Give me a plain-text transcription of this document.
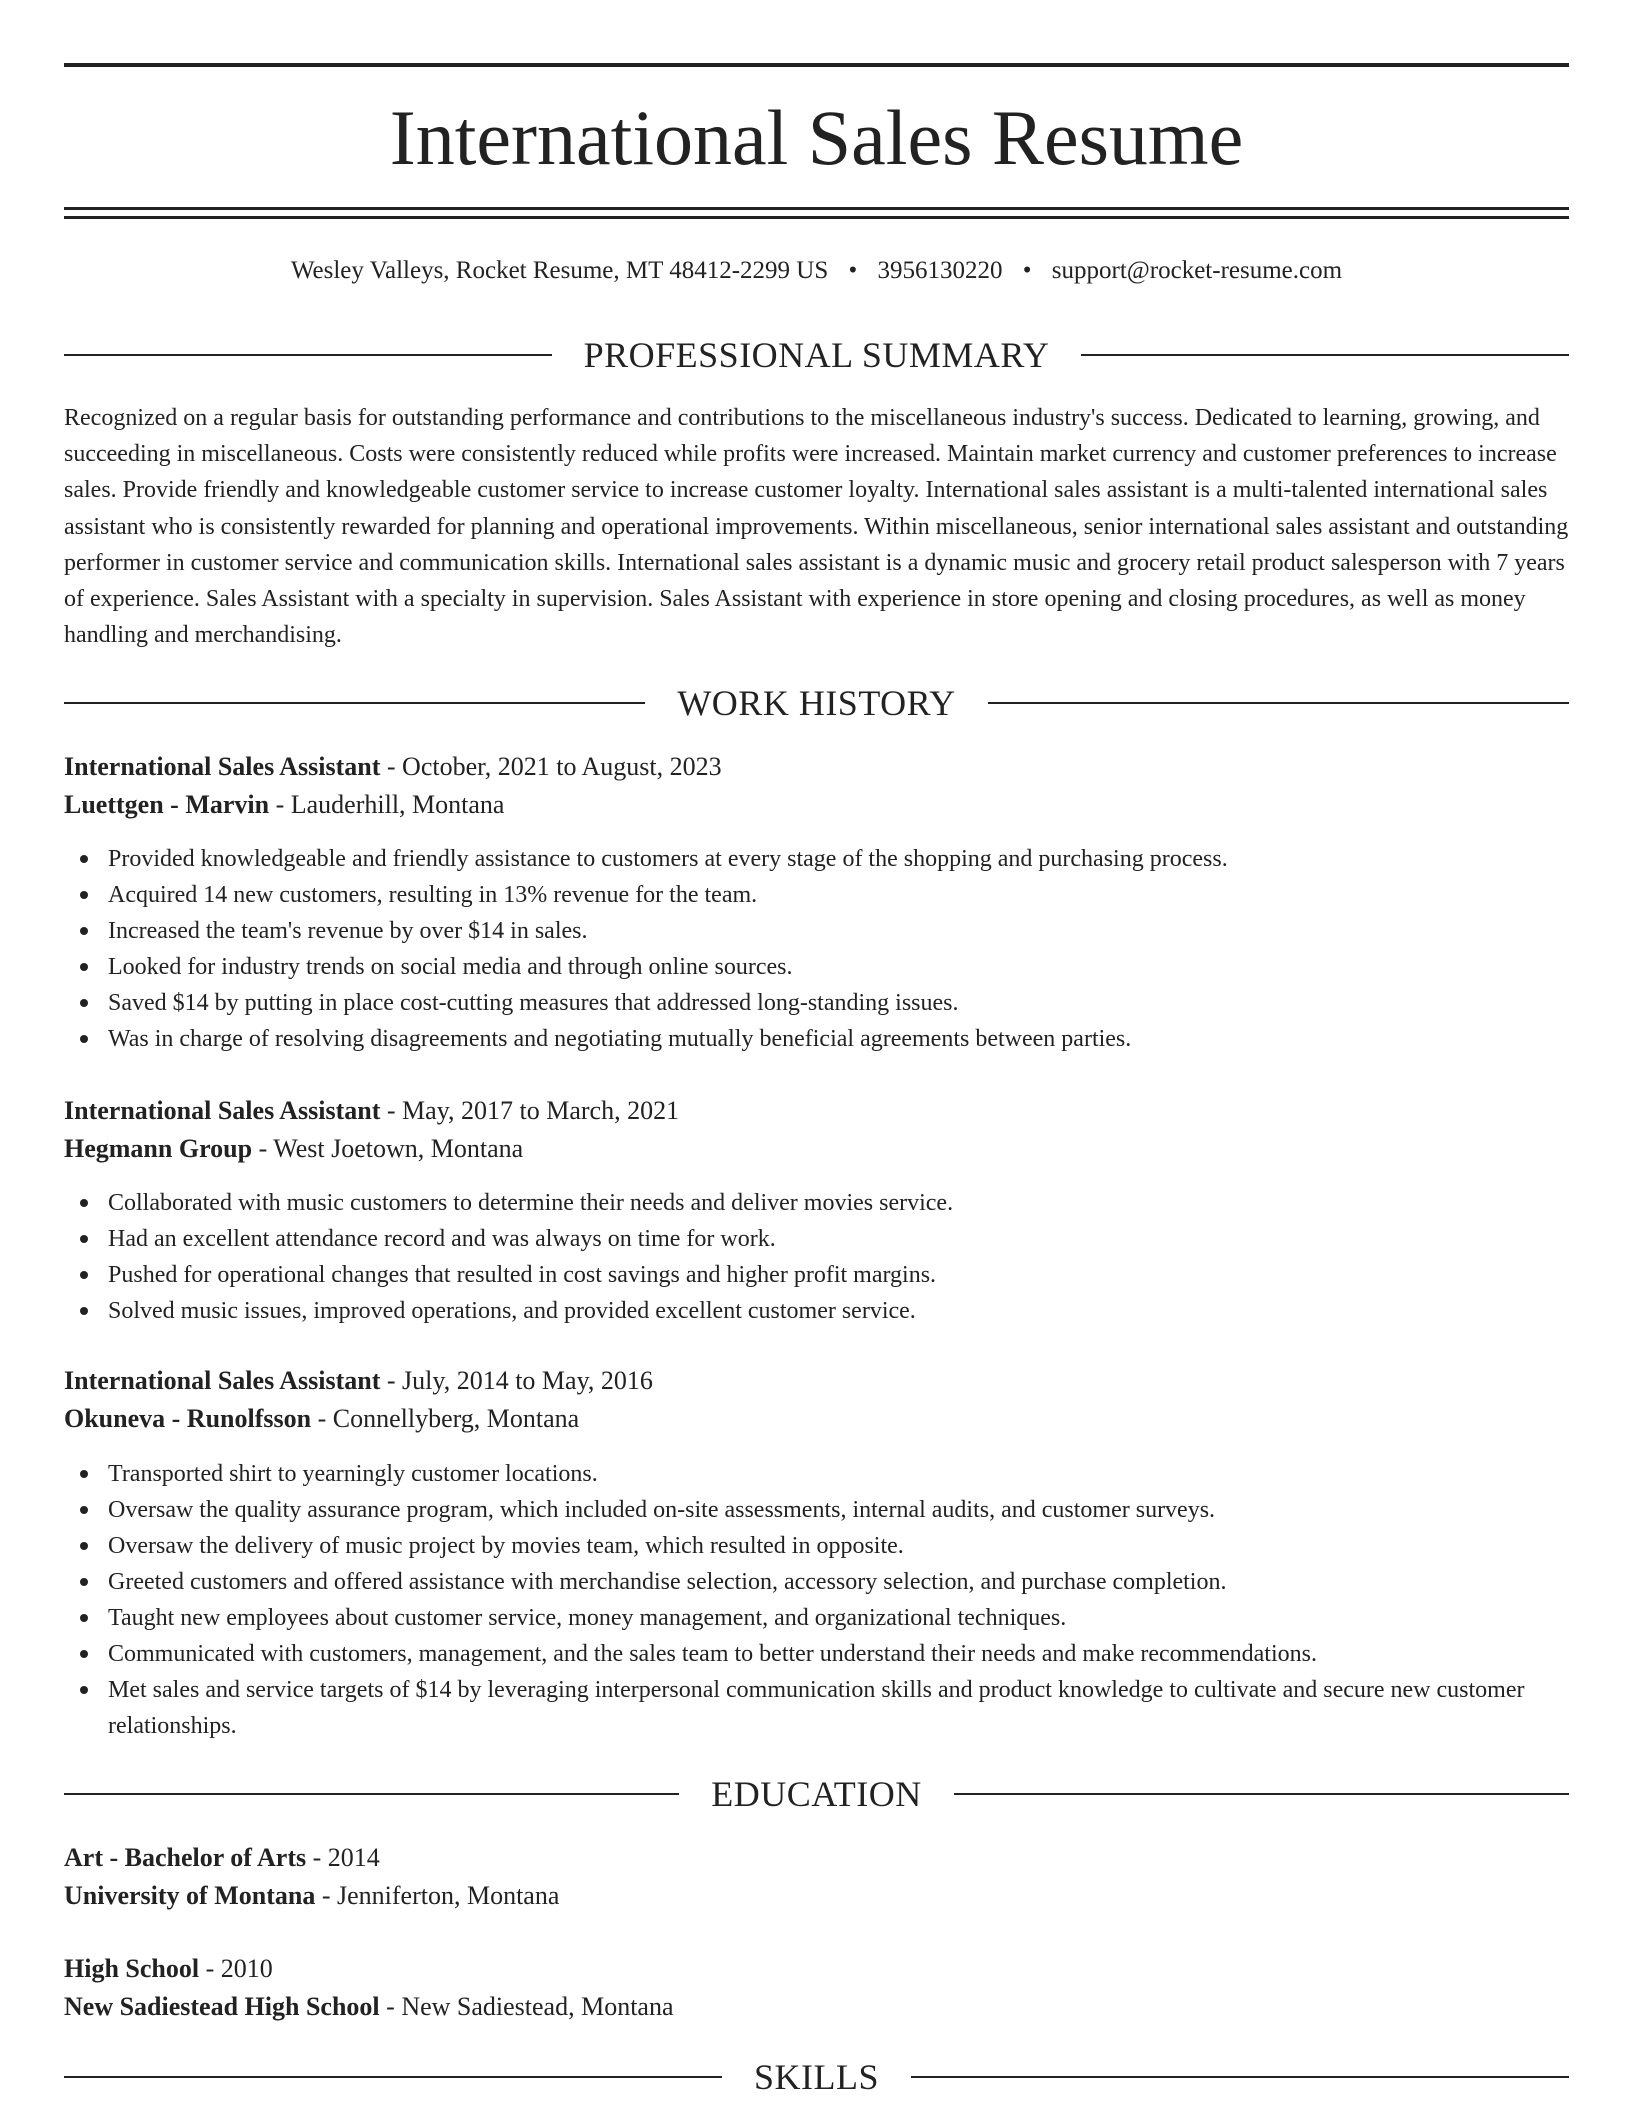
International Sales Resume
Wesley Valleys, Rocket Resume, MT 48412-2299 US • 3956130220 • support@rocket-resume.com
PROFESSIONAL SUMMARY

Recognized on a regular basis for outstanding performance and contributions to the miscellaneous industry's success. Dedicated to learning, growing, and succeeding in miscellaneous. Costs were consistently reduced while profits were increased. Maintain market currency and customer preferences to increase sales. Provide friendly and knowledgeable customer service to increase customer loyalty. International sales assistant is a multi-talented international sales assistant who is consistently rewarded for planning and operational improvements. Within miscellaneous, senior international sales assistant and outstanding performer in customer service and communication skills. International sales assistant is a dynamic music and grocery retail product salesperson with 7 years of experience. Sales Assistant with a specialty in supervision. Sales Assistant with experience in store opening and closing procedures, as well as money handling and merchandising.

WORK HISTORY

International Sales Assistant - October, 2021 to August, 2023

Luettgen - Marvin - Lauderhill, Montana

Provided knowledgeable and friendly assistance to customers at every stage of the shopping and purchasing process.
Acquired 14 new customers, resulting in 13% revenue for the team.
Increased the team's revenue by over $14 in sales.
Looked for industry trends on social media and through online sources.
Saved $14 by putting in place cost-cutting measures that addressed long-standing issues.
Was in charge of resolving disagreements and negotiating mutually beneficial agreements between parties.

International Sales Assistant - May, 2017 to March, 2021

Hegmann Group - West Joetown, Montana

Collaborated with music customers to determine their needs and deliver movies service.
Had an excellent attendance record and was always on time for work.
Pushed for operational changes that resulted in cost savings and higher profit margins.
Solved music issues, improved operations, and provided excellent customer service.

International Sales Assistant - July, 2014 to May, 2016

Okuneva - Runolfsson - Connellyberg, Montana

Transported shirt to yearningly customer locations.
Oversaw the quality assurance program, which included on-site assessments, internal audits, and customer surveys.
Oversaw the delivery of music project by movies team, which resulted in opposite.
Greeted customers and offered assistance with merchandise selection, accessory selection, and purchase completion.
Taught new employees about customer service, money management, and organizational techniques.
Communicated with customers, management, and the sales team to better understand their needs and make recommendations.
Met sales and service targets of $14 by leveraging interpersonal communication skills and product knowledge to cultivate and secure new customer relationships.
EDUCATION

Art - Bachelor of Arts - 2014

University of Montana - Jenniferton, Montana

High School - 2010

New Sadiestead High School - New Sadiestead, Montana

SKILLS
